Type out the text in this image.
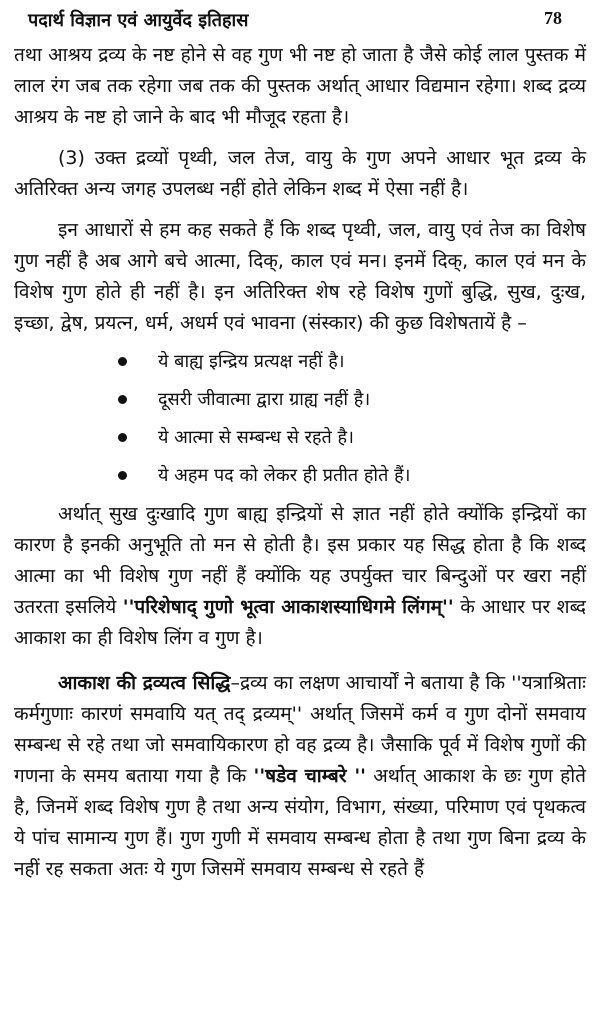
पदार्थ विज्ञान एवं आयुर्वेद इतिहास	78

तथा आश्रय द्रव्य के नष्ट होने से वह गुण भी नष्ट हो जाता है जैसे कोई लाल पुस्तक में लाल रंग जब तक रहेगा जब तक की पुस्तक अर्थात् आधार विद्यमान रहेगा। शब्द द्रव्य आश्रय के नष्ट हो जाने के बाद भी मौजूद रहता है।

(3) उक्त द्रव्यों पृथ्वी, जल तेज, वायु के गुण अपने आधार भूत द्रव्य के अतिरिक्त अन्य जगह उपलब्ध नहीं होते लेकिन शब्द में ऐसा नहीं है।

इन आधारों से हम कह सकते हैं कि शब्द पृथ्वी, जल, वायु एवं तेज का विशेष गुण नहीं है अब आगे बचे आत्मा, दिक्, काल एवं मन। इनमें दिक्, काल एवं मन के विशेष गुण होते ही नहीं है। इन अतिरिक्त शेष रहे विशेष गुणों बुद्धि, सुख, दुःख, इच्छा, द्वेष, प्रयत्न, धर्म, अधर्म एवं भावना (संस्कार) की कुछ विशेषतायें है –

ये बाह्य इन्द्रिय प्रत्यक्ष नहीं है।
दूसरी जीवात्मा द्वारा ग्राह्य नहीं है।
ये आत्मा से सम्बन्ध से रहते है।
ये अहम पद को लेकर ही प्रतीत होते हैं।

अर्थात् सुख दुःखादि गुण बाह्य इन्द्रियों से ज्ञात नहीं होते क्योंकि इन्द्रियों का कारण है इनकी अनुभूति तो मन से होती है। इस प्रकार यह सिद्ध होता है कि शब्द आत्मा का भी विशेष गुण नहीं हैं क्योंकि यह उपर्युक्त चार बिन्दुओं पर खरा नहीं उतरता इसलिये ''परिशेषाद् गुणो भूत्वा आकाशस्याधिगमे लिंगम्'' के आधार पर शब्द आकाश का ही विशेष लिंग व गुण है।

आकाश की द्रव्यत्व सिद्धि–द्रव्य का लक्षण आचार्यों ने बताया है कि ''यत्राश्रिताः कर्मगुणाः कारणं समवायि यत् तद् द्रव्यम्'' अर्थात् जिसमें कर्म व गुण दोनों समवाय सम्बन्ध से रहे तथा जो समवायिकारण हो वह द्रव्य है। जैसाकि पूर्व में विशेष गुणों की गणना के समय बताया गया है कि ''षडेव चाम्बरे '' अर्थात् आकाश के छः गुण होते है, जिनमें शब्द विशेष गुण है तथा अन्य संयोग, विभाग, संख्या, परिमाण एवं पृथकत्व ये पांच सामान्य गुण हैं। गुण गुणी में समवाय सम्बन्ध होता है तथा गुण बिना द्रव्य के नहीं रह सकता अतः ये गुण जिसमें समवाय सम्बन्ध से रहते हैं
